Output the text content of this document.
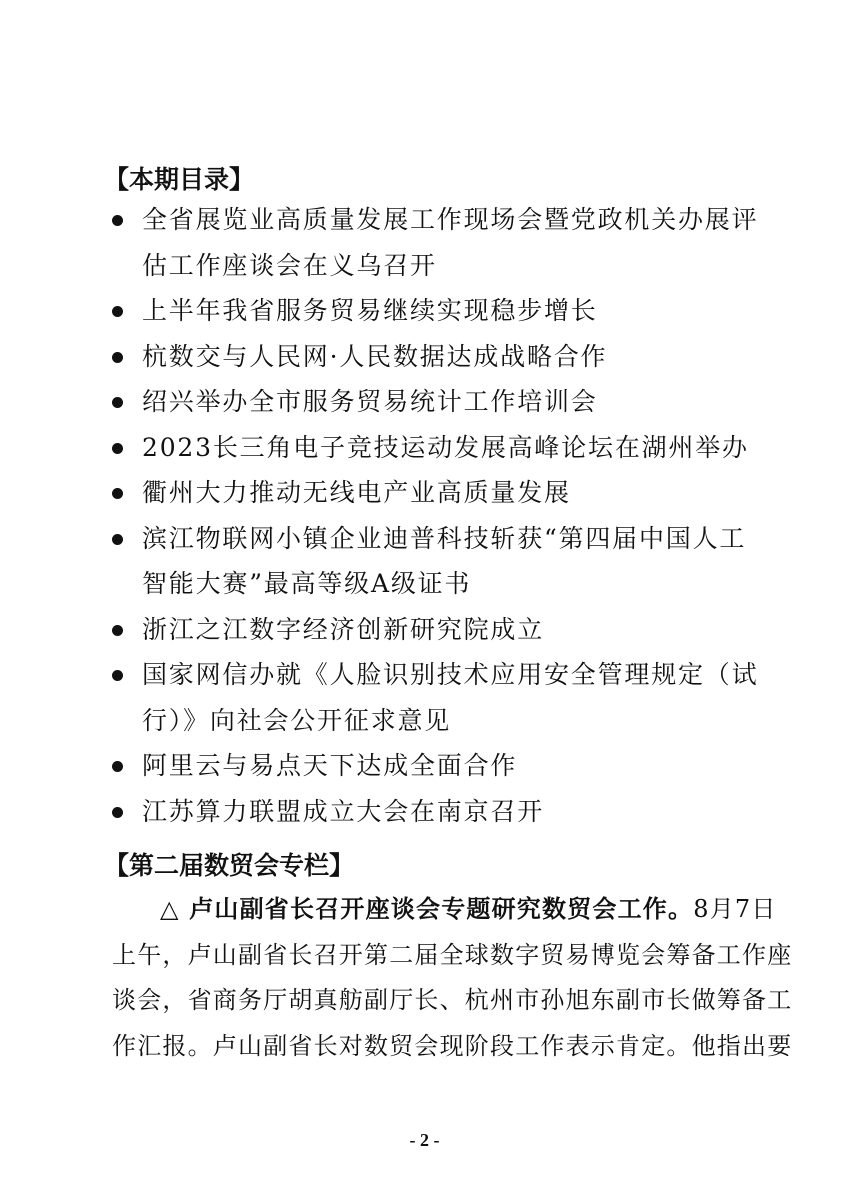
【本期目录】
全省展览业高质量发展工作现场会暨党政机关办展评
估工作座谈会在义乌召开
上半年我省服务贸易继续实现稳步增长
杭数交与人民网·人民数据达成战略合作
绍兴举办全市服务贸易统计工作培训会
2023长三角电子竞技运动发展高峰论坛在湖州举办
衢州大力推动无线电产业高质量发展
滨江物联网小镇企业迪普科技斩获“第四届中国人工
智能大赛”最高等级A级证书
浙江之江数字经济创新研究院成立
国家网信办就《人脸识别技术应用安全管理规定（试
行）》向社会公开征求意见
阿里云与易点天下达成全面合作
江苏算力联盟成立大会在南京召开
【第二届数贸会专栏】
△ 卢山副省长召开座谈会专题研究数贸会工作。8月7日
上午，卢山副省长召开第二届全球数字贸易博览会筹备工作座
谈会，省商务厅胡真舫副厅长、杭州市孙旭东副市长做筹备工
作汇报。卢山副省长对数贸会现阶段工作表示肯定。他指出要
- 2 -
